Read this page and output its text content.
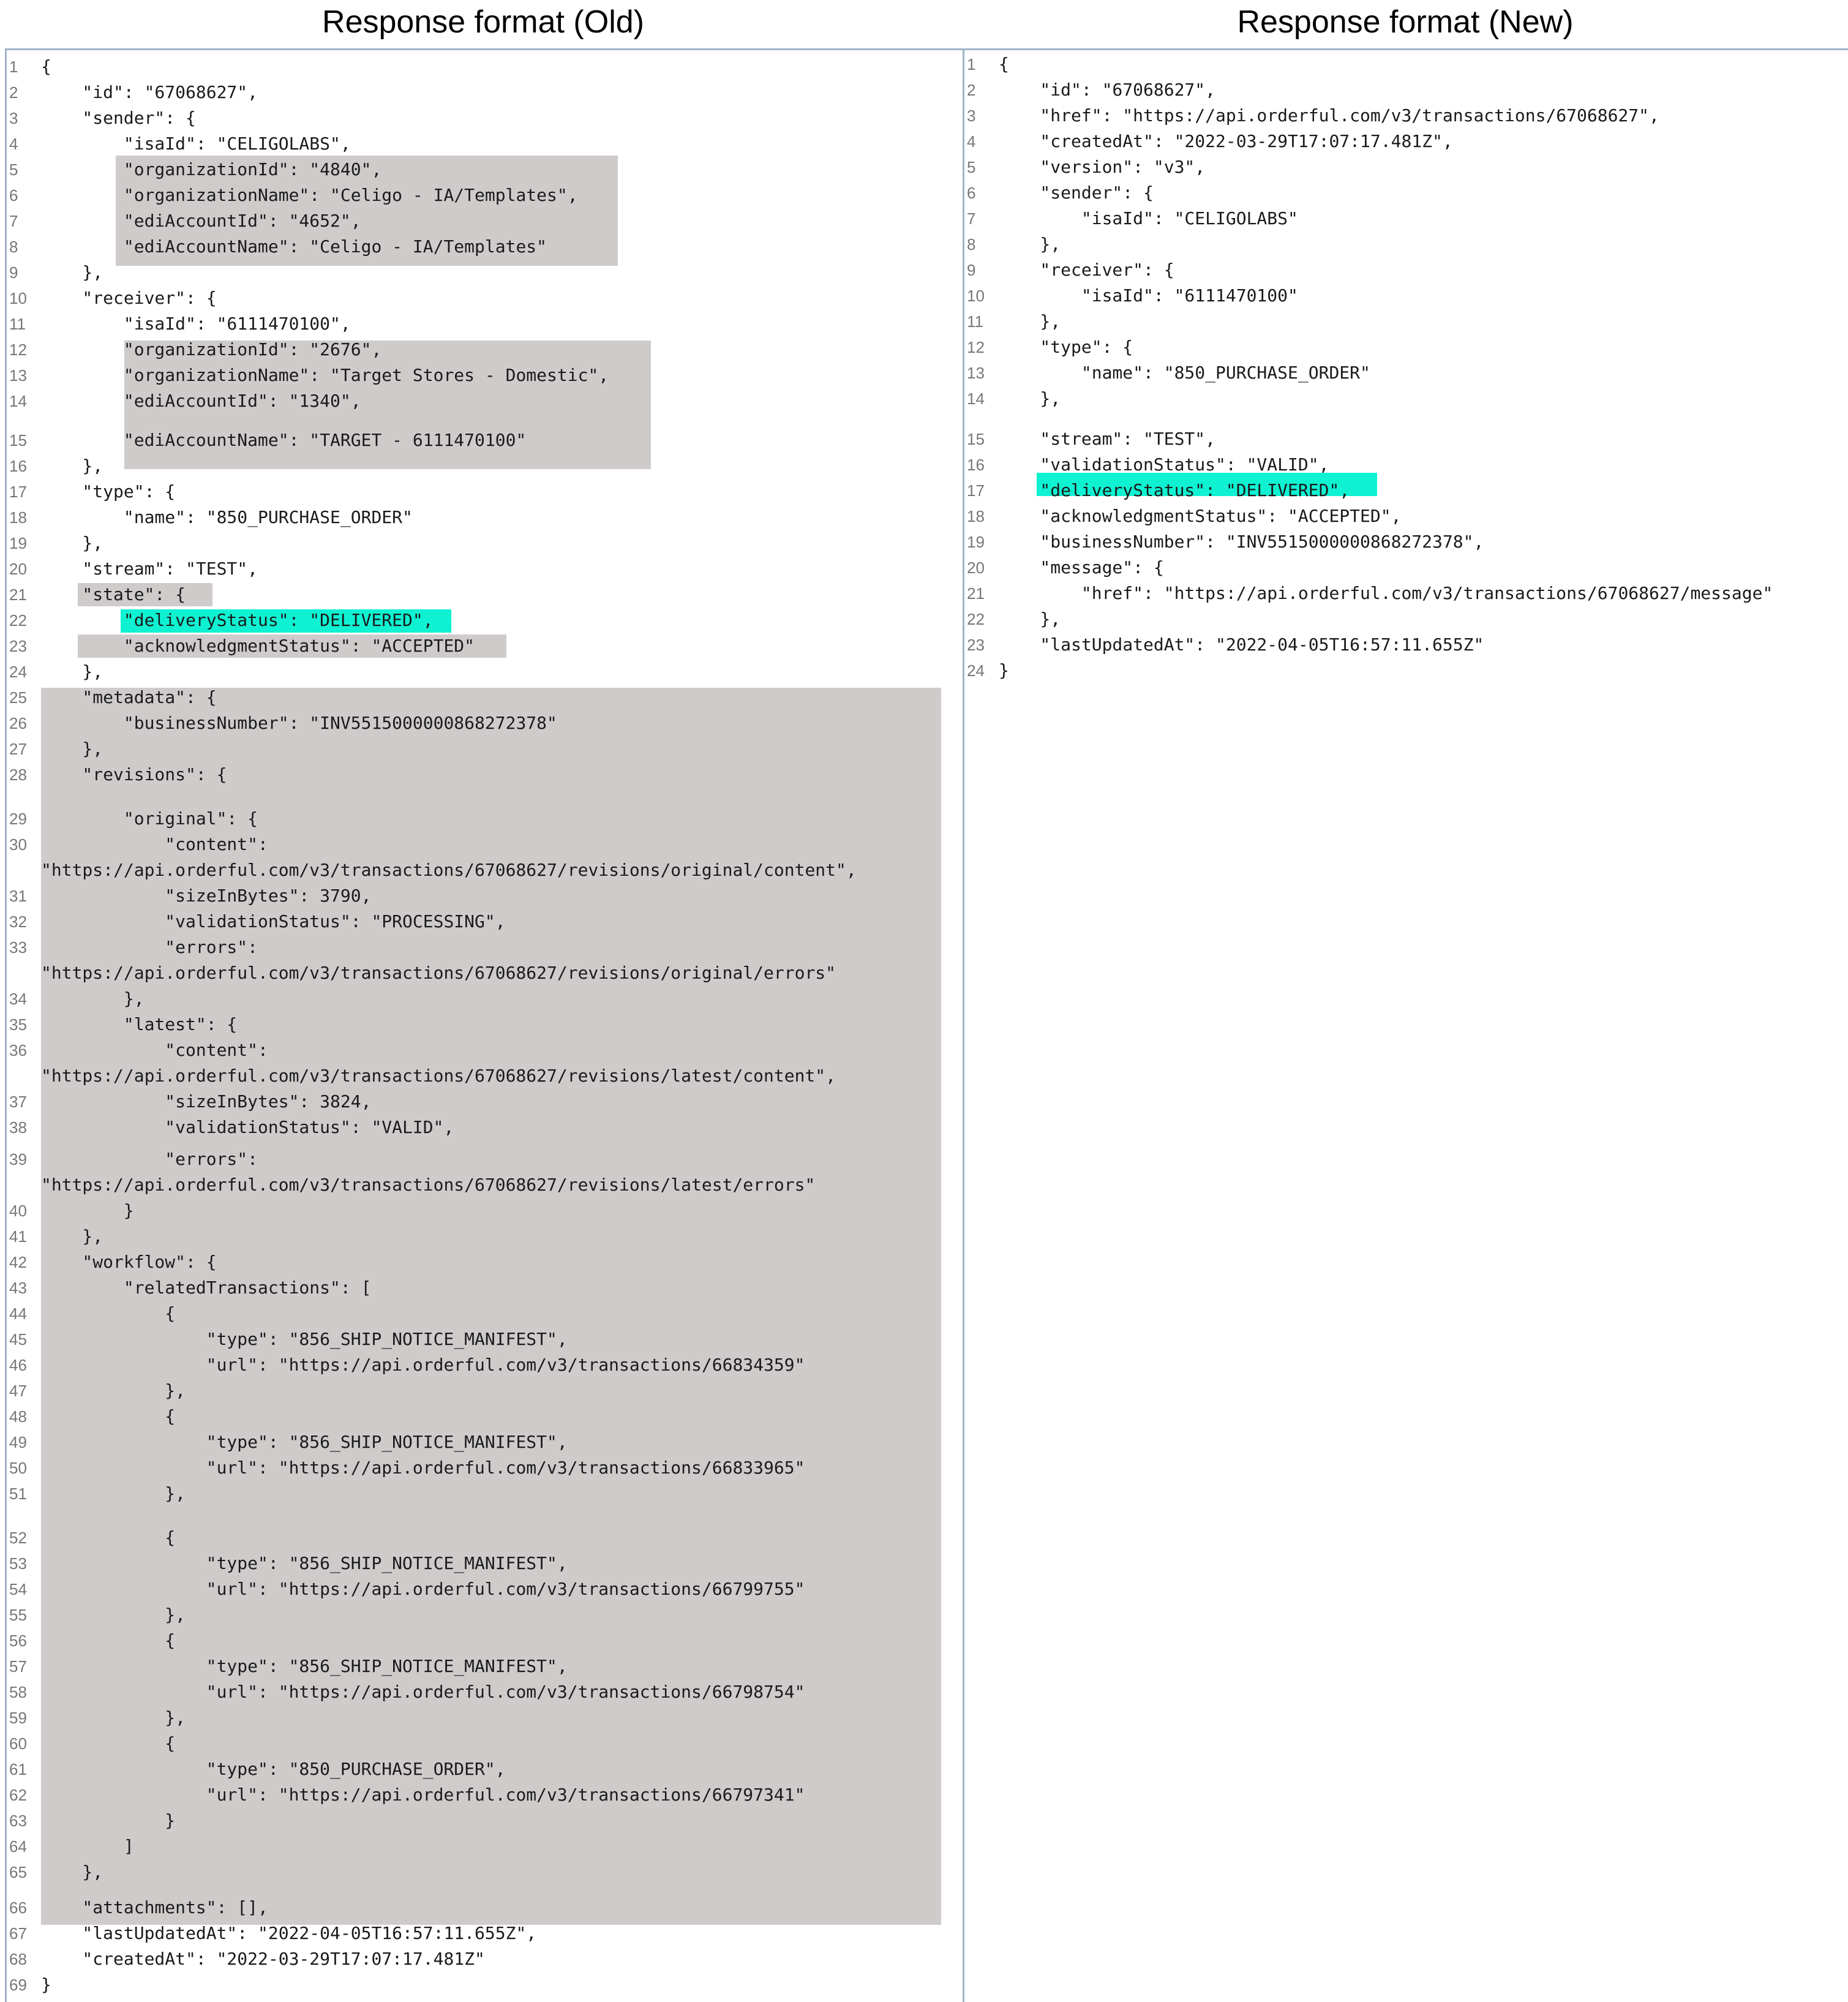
Response format (Old)	Response format (New)
1	{
2	"id": "67068627",
3	"sender": {
4	"isaId": "CELIGOLABS",
5	"organizationId": "4840",
6	"organizationName": "Celigo - IA/Templates",
7	"ediAccountId": "4652",
8	"ediAccountName": "Celigo - IA/Templates"
9	},
10 "receiver": {
11 "isaId": "6111470100",
12 "organizationId": "2676",
13 "organizationName": "Target Stores - Domestic",
14 "ediAccountId": "1340",
15 "ediAccountName": "TARGET - 6111470100"
16 },
17 "type": {
18 "name": "850_PURCHASE_ORDER"
19 },
20 "stream": "TEST",
21 "state": {
22 "deliveryStatus": "DELIVERED",
23 "acknowledgmentStatus": "ACCEPTED"
24 },
25 "metadata": {
26 "businessNumber": "INV5515000000868272378"
27 },
28 "revisions": {
29 "original": {
30 "content":
"https://api.orderful.com/v3/transactions/67068627/revisions/original/content",
31 "sizeInBytes": 3790,
32 "validationStatus": "PROCESSING",
33 "errors":
"https://api.orderful.com/v3/transactions/67068627/revisions/original/errors"
34 },
35 "latest": {
36 "content":
"https://api.orderful.com/v3/transactions/67068627/revisions/latest/content",
37 "sizeInBytes": 3824,
38 "validationStatus": "VALID",
39 "errors":
"https://api.orderful.com/v3/transactions/67068627/revisions/latest/errors"
40 }
41 },
42 "workflow": {
43 "relatedTransactions": [
44 {
45 "type": "856_SHIP_NOTICE_MANIFEST",
46 "url": "https://api.orderful.com/v3/transactions/66834359"
47 },
48 {
49 "type": "856_SHIP_NOTICE_MANIFEST",
50 "url": "https://api.orderful.com/v3/transactions/66833965"
51 },
52 {
53 "type": "856_SHIP_NOTICE_MANIFEST",
54 "url": "https://api.orderful.com/v3/transactions/66799755"
55 },
56 {
57 "type": "856_SHIP_NOTICE_MANIFEST",
58 "url": "https://api.orderful.com/v3/transactions/66798754"
59 },
60 {
61 "type": "850_PURCHASE_ORDER",
62 "url": "https://api.orderful.com/v3/transactions/66797341"
63 }
64 ]
65 },
66 "attachments": [],
67 "lastUpdatedAt": "2022-04-05T16:57:11.655Z",
68 "createdAt": "2022-03-29T17:07:17.481Z"
69 }
1	{
2	"id": "67068627",
3	"href": "https://api.orderful.com/v3/transactions/67068627",
4	"createdAt": "2022-03-29T17:07:17.481Z",
5	"version": "v3",
6	"sender": {
7	"isaId": "CELIGOLABS"
8	},
9	"receiver": {
10 "isaId": "6111470100"
11 },
12 "type": {
13 "name": "850_PURCHASE_ORDER"
14 },
15 "stream": "TEST",
16 "validationStatus": "VALID",
17 "deliveryStatus": "DELIVERED",
18 "acknowledgmentStatus": "ACCEPTED",
19 "businessNumber": "INV5515000000868272378",
20 "message": {
21 "href": "https://api.orderful.com/v3/transactions/67068627/message"
22 },
23 "lastUpdatedAt": "2022-04-05T16:57:11.655Z"
24 }
